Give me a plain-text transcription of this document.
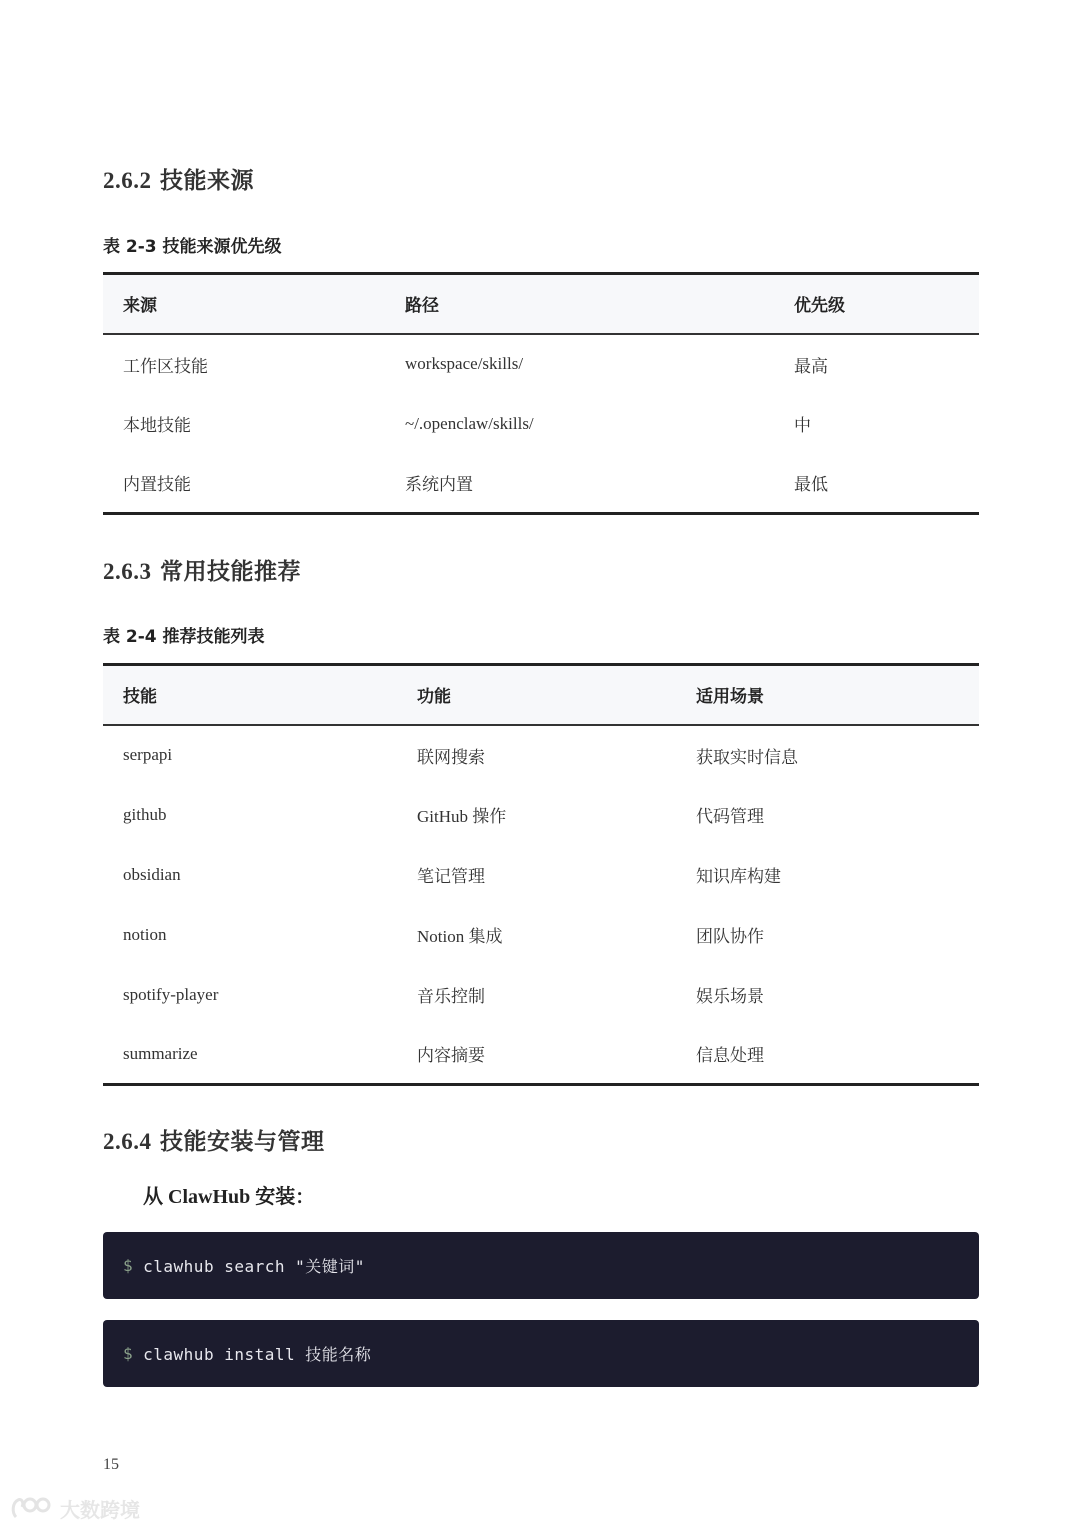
2.6.2 技能来源
表 2-3 技能来源优先级
来源	路径	优先级
工作区技能	workspace/skills/	最高
本地技能	~/.openclaw/skills/	中
内置技能	系统内置	最低
2.6.3 常用技能推荐
表 2-4 推荐技能列表
技能	功能	适用场景
serpapi	联网搜索	获取实时信息
github	GitHub 操作	代码管理
obsidian	笔记管理	知识库构建
notion	Notion 集成	团队协作
spotify-player	音乐控制	娱乐场景
summarize	内容摘要	信息处理
2.6.4 技能安装与管理
从 ClawHub 安装：
$ clawhub search "关键词"
$ clawhub install 技能名称
15
大数跨境
